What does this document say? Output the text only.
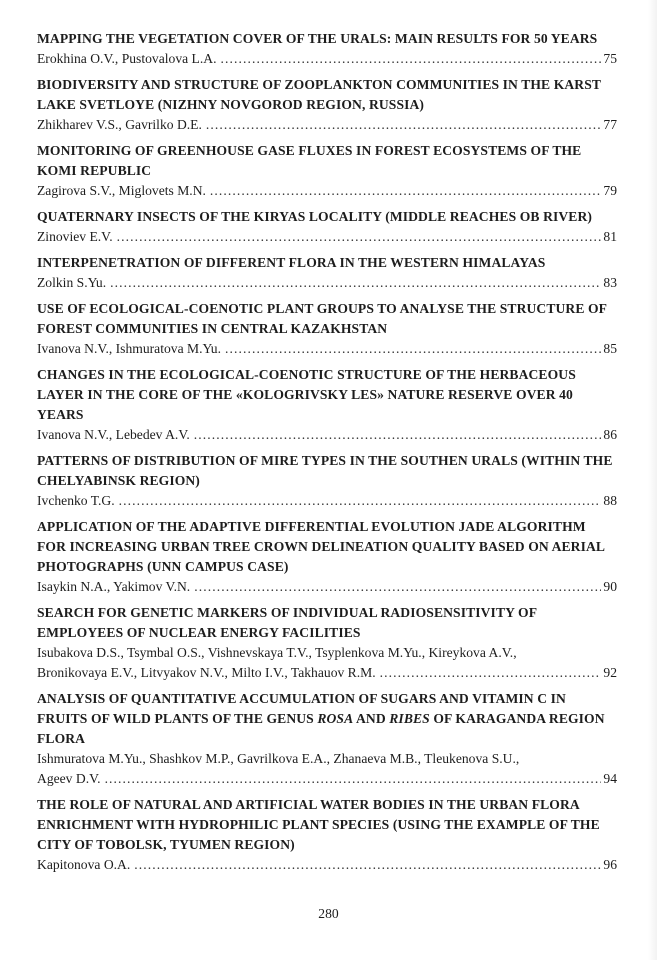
MAPPING THE VEGETATION COVER OF THE URALS: MAIN RESULTS FOR 50 YEARS
Erokhina O.V., Pustovalova L.A. .....	75
BIODIVERSITY AND STRUCTURE OF ZOOPLANKTON COMMUNITIES IN THE KARST LAKE SVETLOYE (NIZHNY NOVGOROD REGION, RUSSIA)
Zhikharev V.S., Gavrilko D.E. .....	77
MONITORING OF GREENHOUSE GASE FLUXES IN FOREST ECOSYSTEMS OF THE KOMI REPUBLIC
Zagirova S.V., Miglovets M.N. .....	79
QUATERNARY INSECTS OF THE KIRYAS LOCALITY (MIDDLE REACHES OB RIVER)
Zinoviev E.V. .....	81
INTERPENETRATION OF DIFFERENT FLORA IN THE WESTERN HIMALAYAS
Zolkin S.Yu. .....	83
USE OF ECOLOGICAL-COENOTIC PLANT GROUPS TO ANALYSE THE STRUCTURE OF FOREST COMMUNITIES IN CENTRAL KAZAKHSTAN
Ivanova N.V., Ishmuratova M.Yu. .....	85
CHANGES IN THE ECOLOGICAL-COENOTIC STRUCTURE OF THE HERBACEOUS LAYER IN THE CORE OF THE «KOLOGRIVSKY LES» NATURE RESERVE OVER 40 YEARS
Ivanova N.V., Lebedev A.V. .....	86
PATTERNS OF DISTRIBUTION OF MIRE TYPES IN THE SOUTHEN URALS (WITHIN THE CHELYABINSK REGION)
Ivchenko T.G. .....	88
APPLICATION OF THE ADAPTIVE DIFFERENTIAL EVOLUTION JADE ALGORITHM FOR INCREASING URBAN TREE CROWN DELINEATION QUALITY BASED ON AERIAL PHOTOGRAPHS (UNN CAMPUS CASE)
Isaykin N.A., Yakimov V.N. .....	90
SEARCH FOR GENETIC MARKERS OF INDIVIDUAL RADIOSENSITIVITY OF EMPLOYEES OF NUCLEAR ENERGY FACILITIES
Isubakova D.S., Tsymbal O.S., Vishnevskaya T.V., Tsyplenkova M.Yu., Kireykova A.V.,
Bronikovaya E.V., Litvyakov N.V., Milto I.V., Takhauov R.M. .....	92
ANALYSIS OF QUANTITATIVE ACCUMULATION OF SUGARS AND VITAMIN C IN FRUITS OF WILD PLANTS OF THE GENUS ROSA AND RIBES OF KARAGANDA REGION FLORA
Ishmuratova M.Yu., Shashkov M.P., Gavrilkova E.A., Zhanaeva M.B., Tleukenova S.U.,
Ageev D.V. .....	94
THE ROLE OF NATURAL AND ARTIFICIAL WATER BODIES IN THE URBAN FLORA ENRICHMENT WITH HYDROPHILIC PLANT SPECIES (USING THE EXAMPLE OF THE CITY OF TOBOLSK, TYUMEN REGION)
Kapitonova O.A. .....	96
280
